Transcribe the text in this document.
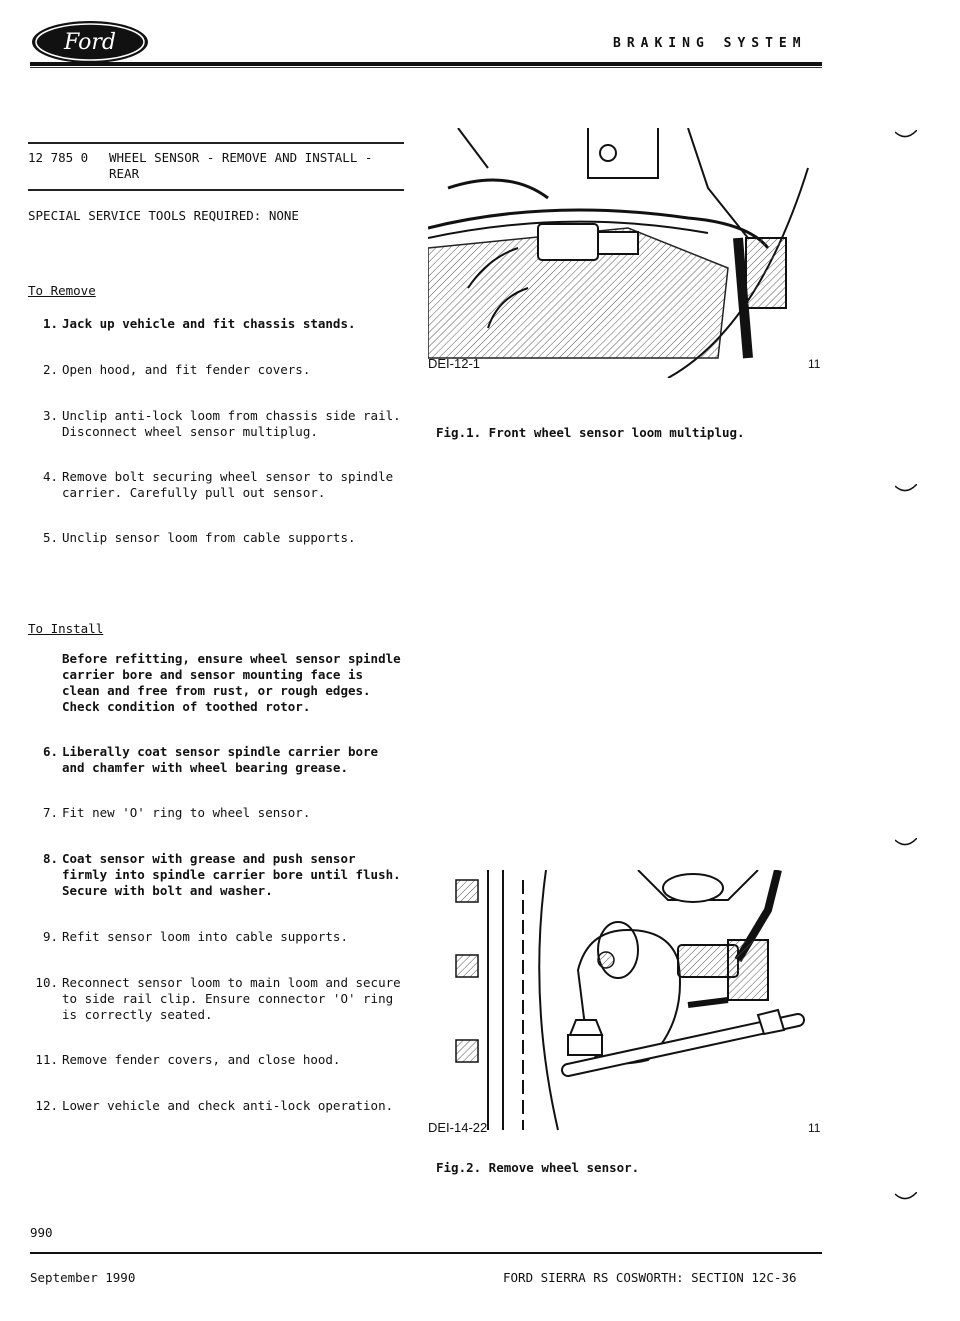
Ford	BRAKING SYSTEM
12 785 0 WHEEL SENSOR - REMOVE AND INSTALL -
REAR
SPECIAL SERVICE TOOLS REQUIRED: NONE
To Remove
1. Jack up vehicle and fit chassis stands.
2. Open hood, and fit fender covers.
3. Unclip anti-lock loom from chassis side rail.
Disconnect wheel sensor multiplug.
4. Remove bolt securing wheel sensor to spindle
carrier. Carefully pull out sensor.
5. Unclip sensor loom from cable supports.
To Install
Before refitting, ensure wheel sensor spindle
carrier bore and sensor mounting face is
clean and free from rust, or rough edges.
Check condition of toothed rotor.
6. Liberally coat sensor spindle carrier bore
and chamfer with wheel bearing grease.
7. Fit new 'O' ring to wheel sensor.
8. Coat sensor with grease and push sensor
firmly into spindle carrier bore until flush.
Secure with bolt and washer.
9. Refit sensor loom into cable supports.
10. Reconnect sensor loom to main loom and secure
to side rail clip. Ensure connector 'O' ring
is correctly seated.
11. Remove fender covers, and close hood.
12. Lower vehicle and check anti-lock operation.
DEI-12-1	11
Fig.1. Front wheel sensor loom multiplug.
DEI-14-22	11
Fig.2. Remove wheel sensor.
990
September 1990	FORD SIERRA RS COSWORTH: SECTION 12C-36
